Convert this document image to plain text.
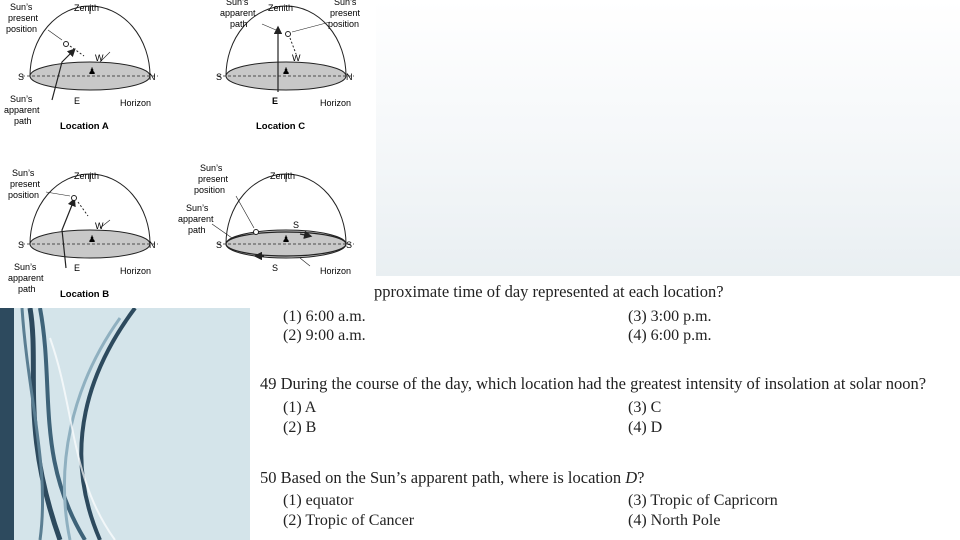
♟
Sun’s
present
position
Zenith
W
S	N
E	Horizon
Sun’s
apparent
path	Location A
♟
Sun’s
apparent
path
Zenith
Sun’s
present
position
W
S	N
E	Horizon
Location C
♟
Sun’s
present
position
Zenith
W
S	N
E	Horizon
Sun’s
apparent
path	Location B
♟
Sun’s
present
position
Sun’s
apparent
path
Zenith
S
S	S
S	Horizon
pproximate time of day represented at each location?
(1) 6:00 a.m.
(2) 9:00 a.m.
(3) 3:00 p.m.
(4) 6:00 p.m.
49 During the course of the day, which location had the greatest intensity of insolation at solar noon?
(1) A
(2) B
(3) C
(4) D
50 Based on the Sun’s apparent path, where is location D?
(1) equator
(2) Tropic of Cancer
(3) Tropic of Capricorn
(4) North Pole
